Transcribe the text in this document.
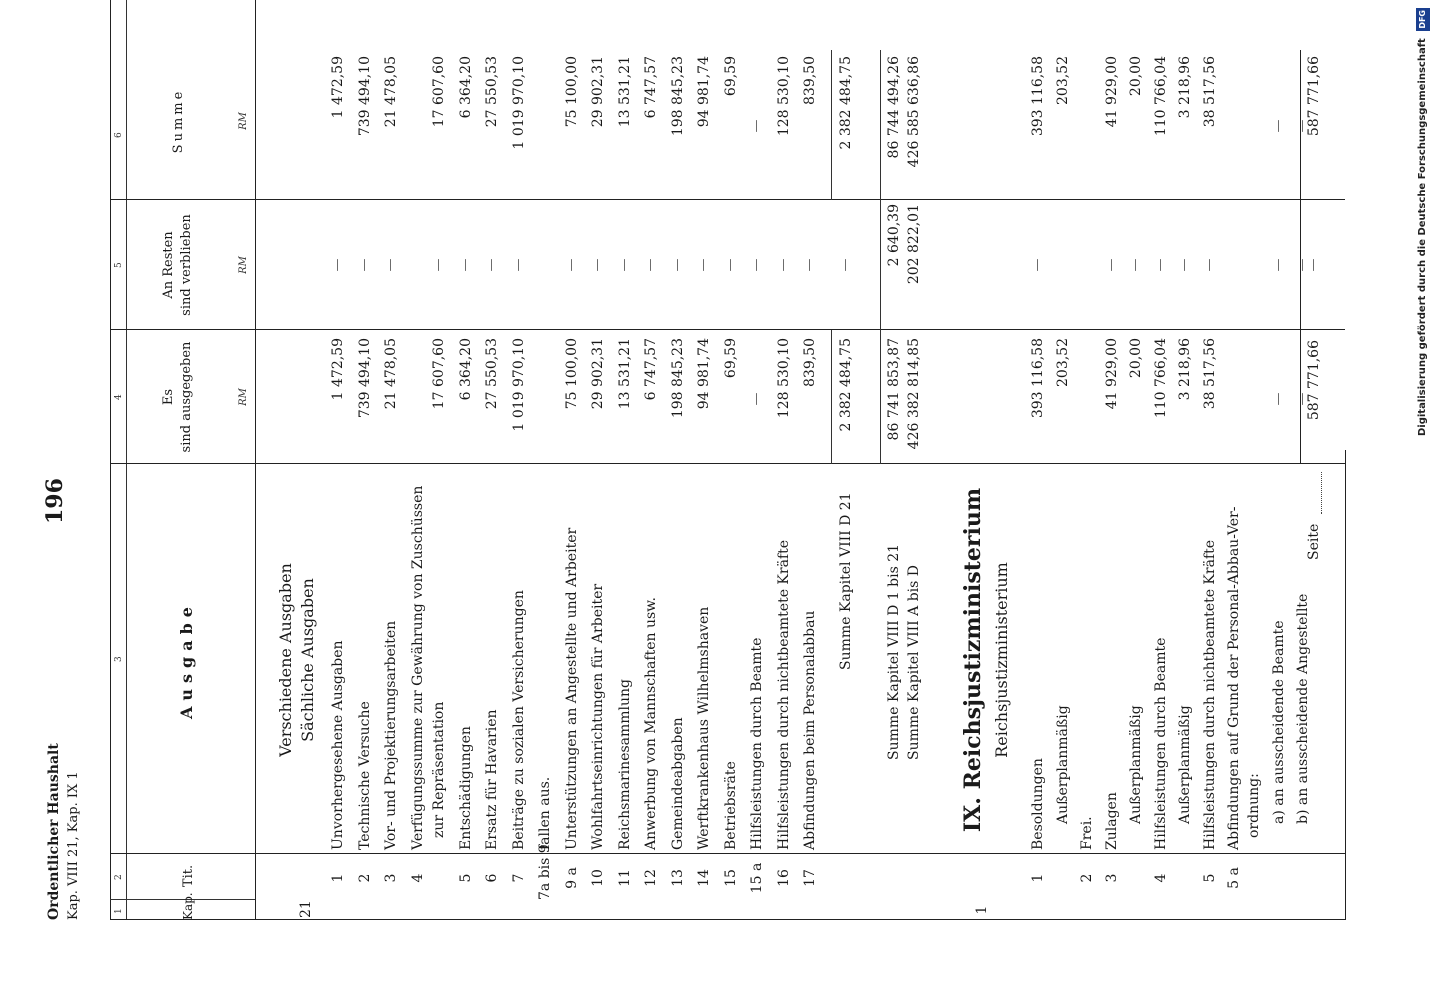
Ordentlicher Haushalt Kap. VIII 21, Kap. IX 1
196
1
2
3
4
5
6
Kap.
Tit.
Ausgabe
Es sind ausgegeben
An Resten sind verblieben
Summe
RM
RM
RM
21
Verschiedene Ausgaben Sächliche Ausgaben
1
Unvorhergesehene Ausgaben
1 472,59
—
1 472,59
2
Technische Versuche
739 494,10
—
739 494,10
3
Vor- und Projektierungsarbeiten
21 478,05
—
21 478,05
4
Verfügungssumme zur Gewährung von Zuschüssen zur Repräsentation
17 607,60
—
17 607,60
5
Entschädigungen
6 364,20
—
6 364,20
6
Ersatz für Havarien
27 550,53
—
27 550,53
7
Beiträge zu sozialen Versicherungen
1 019 970,10
—
1 019 970,10
7a bis 9
fallen aus.
9 a
Unterstützungen an Angestellte und Arbeiter
75 100,00
—
75 100,00
10
Wohlfahrtseinrichtungen für Arbeiter
29 902,31
—
29 902,31
11
Reichsmarinesammlung
13 531,21
—
13 531,21
12
Anwerbung von Mannschaften usw.
6 747,57
—
6 747,57
13
Gemeindeabgaben
198 845,23
—
198 845,23
14
Werftkrankenhaus Wilhelmshaven
94 981,74
—
94 981,74
15
Betriebsräte
69,59
—
69,59
15 a
Hilfsleistungen durch Beamte
—
—
—
16
Hilfsleistungen durch nichtbeamtete Kräfte
128 530,10
—
128 530,10
17
Abfindungen beim Personalabbau
839,50
—
839,50
Summe Kapitel VIII D 21
2 382 484,75
—
2 382 484,75
Summe Kapitel VIII D 1 bis 21
86 741 853,87
2 640,39
86 744 494,26
Summe Kapitel VIII A bis D
426 382 814,85
202 822,01
426 585 636,86
1
IX. Reichsjustizministerium Reichsjustizministerium
1
Besoldungen
393 116,58
—
393 116,58
Außerplanmäßig
203,52
203,52
2
Frei.
3
Zulagen
41 929,00
—
41 929,00
Außerplanmäßig
20,00
—
20,00
4
Hilfsleistungen durch Beamte
110 766,04
—
110 766,04
Außerplanmäßig
3 218,96
—
3 218,96
5
Hilfsleistungen durch nichtbeamtete Kräfte
38 517,56
—
38 517,56
5 a
Abfindungen auf Grund der Personal-Abbau-Ver- ordnung: a) an ausscheidende Beamte
—
—
—
b) an ausscheidende Angestellte
—
—
—
Seite
587 771,66
—
587 771,66	Digitalisierung gefördert durch die Deutsche Forschungsgemeinschaft DFG
